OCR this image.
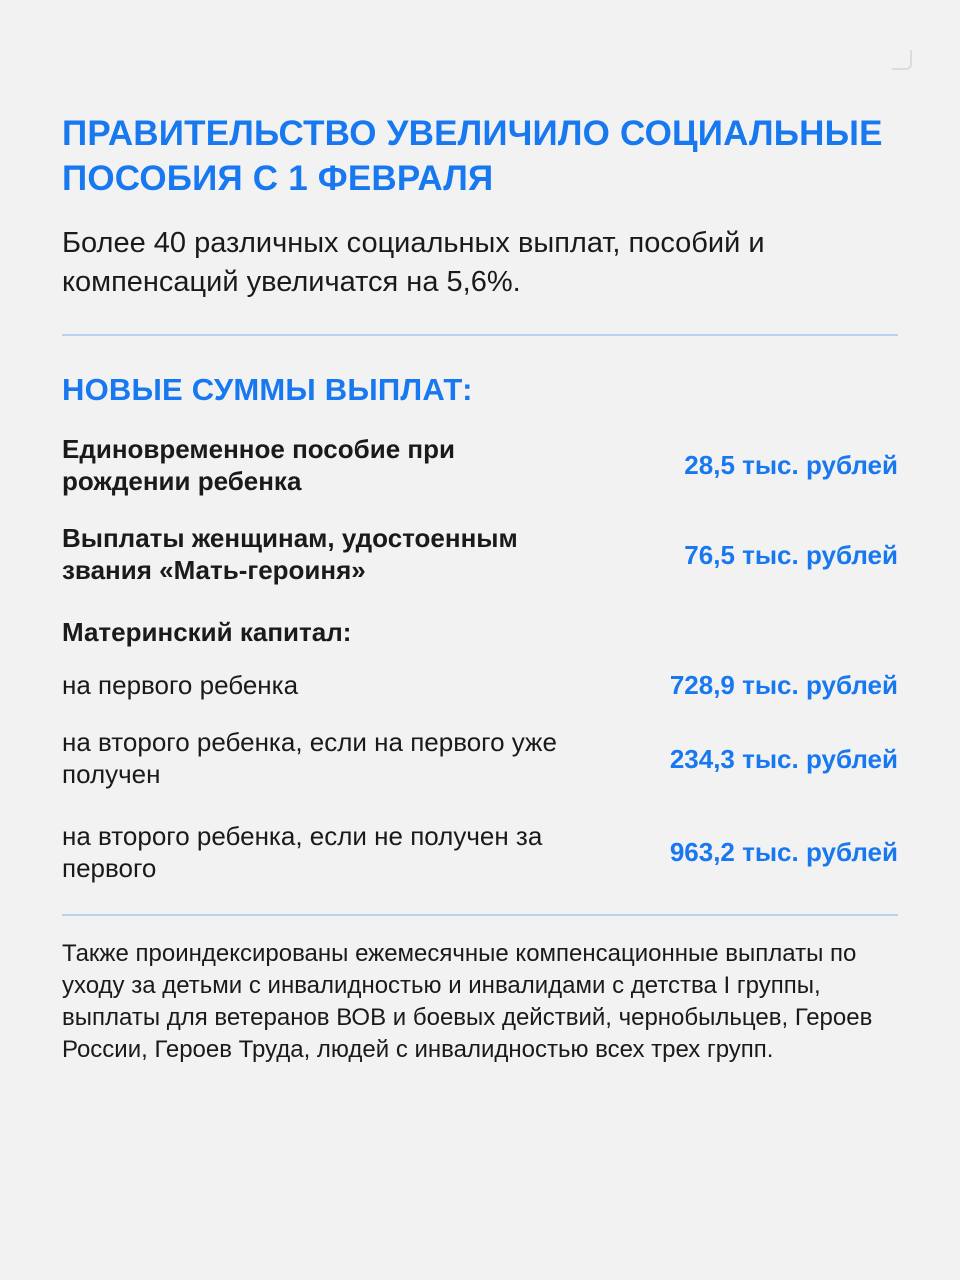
ПРАВИТЕЛЬСТВО УВЕЛИЧИЛО СОЦИАЛЬНЫЕ ПОСОБИЯ С 1 ФЕВРАЛЯ
Более 40 различных социальных выплат, пособий и компенсаций увеличатся на 5,6%.
НОВЫЕ СУММЫ ВЫПЛАТ:
Единовременное пособие при рождении ребенка
28,5 тыс. рублей
Выплаты женщинам, удостоенным звания «Мать-героиня»
76,5 тыс. рублей
Материнский капитал:
на первого ребенка	728,9 тыс. рублей
на второго ребенка, если на первого уже получен
234,3 тыс. рублей
на второго ребенка, если не получен за первого
963,2 тыс. рублей
Также проиндексированы ежемесячные компенсационные выплаты по уходу за детьми с инвалидностью и инвалидами с детства I группы, выплаты для ветеранов ВОВ и боевых действий, чернобыльцев, Героев России, Героев Труда, людей с инвалидностью всех трех групп.
